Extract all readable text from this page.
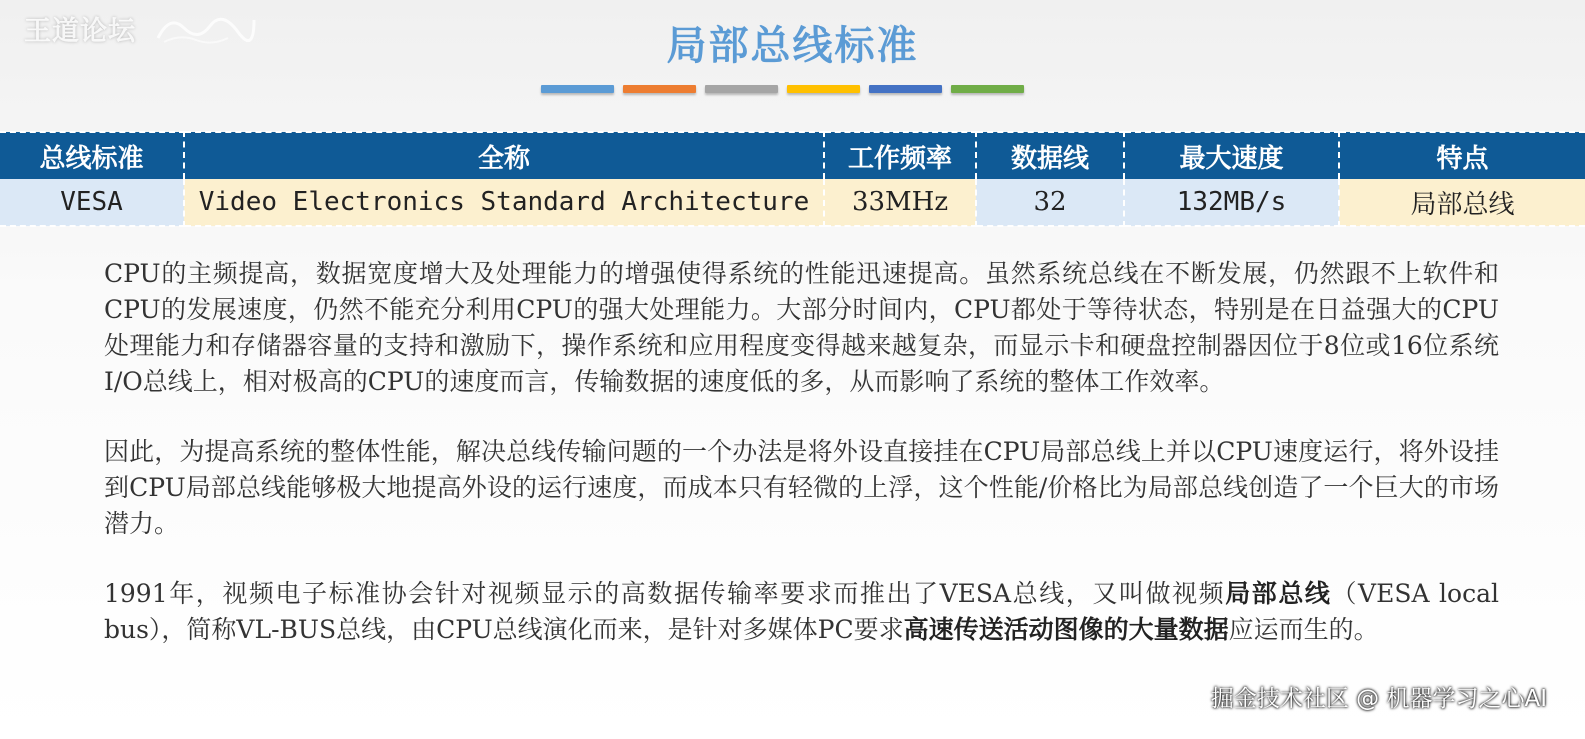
王道论坛	局部总线标准
总线标准	全称	工作频率	数据线	最大速度	特点
VESA	Video Electronics Standard Architecture	33MHz	32	132MB/s	局部总线

CPU的主频提高，数据宽度增大及处理能力的增强使得系统的性能迅速提高。虽然系统总线在不断发展，仍然跟不上软件和CPU的发展速度，仍然不能充分利用CPU的强大处理能力。大部分时间内，CPU都处于等待状态，特别是在日益强大的CPU处理能力和存储器容量的支持和激励下，操作系统和应用程度变得越来越复杂，而显示卡和硬盘控制器因位于8位或16位系统I/O总线上，相对极高的CPU的速度而言，传输数据的速度低的多，从而影响了系统的整体工作效率。

因此，为提高系统的整体性能，解决总线传输问题的一个办法是将外设直接挂在CPU局部总线上并以CPU速度运行，将外设挂到CPU局部总线能够极大地提高外设的运行速度，而成本只有轻微的上浮，这个性能/价格比为局部总线创造了一个巨大的市场潜力。

1991年，视频电子标准协会针对视频显示的高数据传输率要求而推出了VESA总线，又叫做视频局部总线（VESA local bus），简称VL-BUS总线，由CPU总线演化而来，是针对多媒体PC要求高速传送活动图像的大量数据应运而生的。

掘金技术社区 @ 机器学习之心AI
